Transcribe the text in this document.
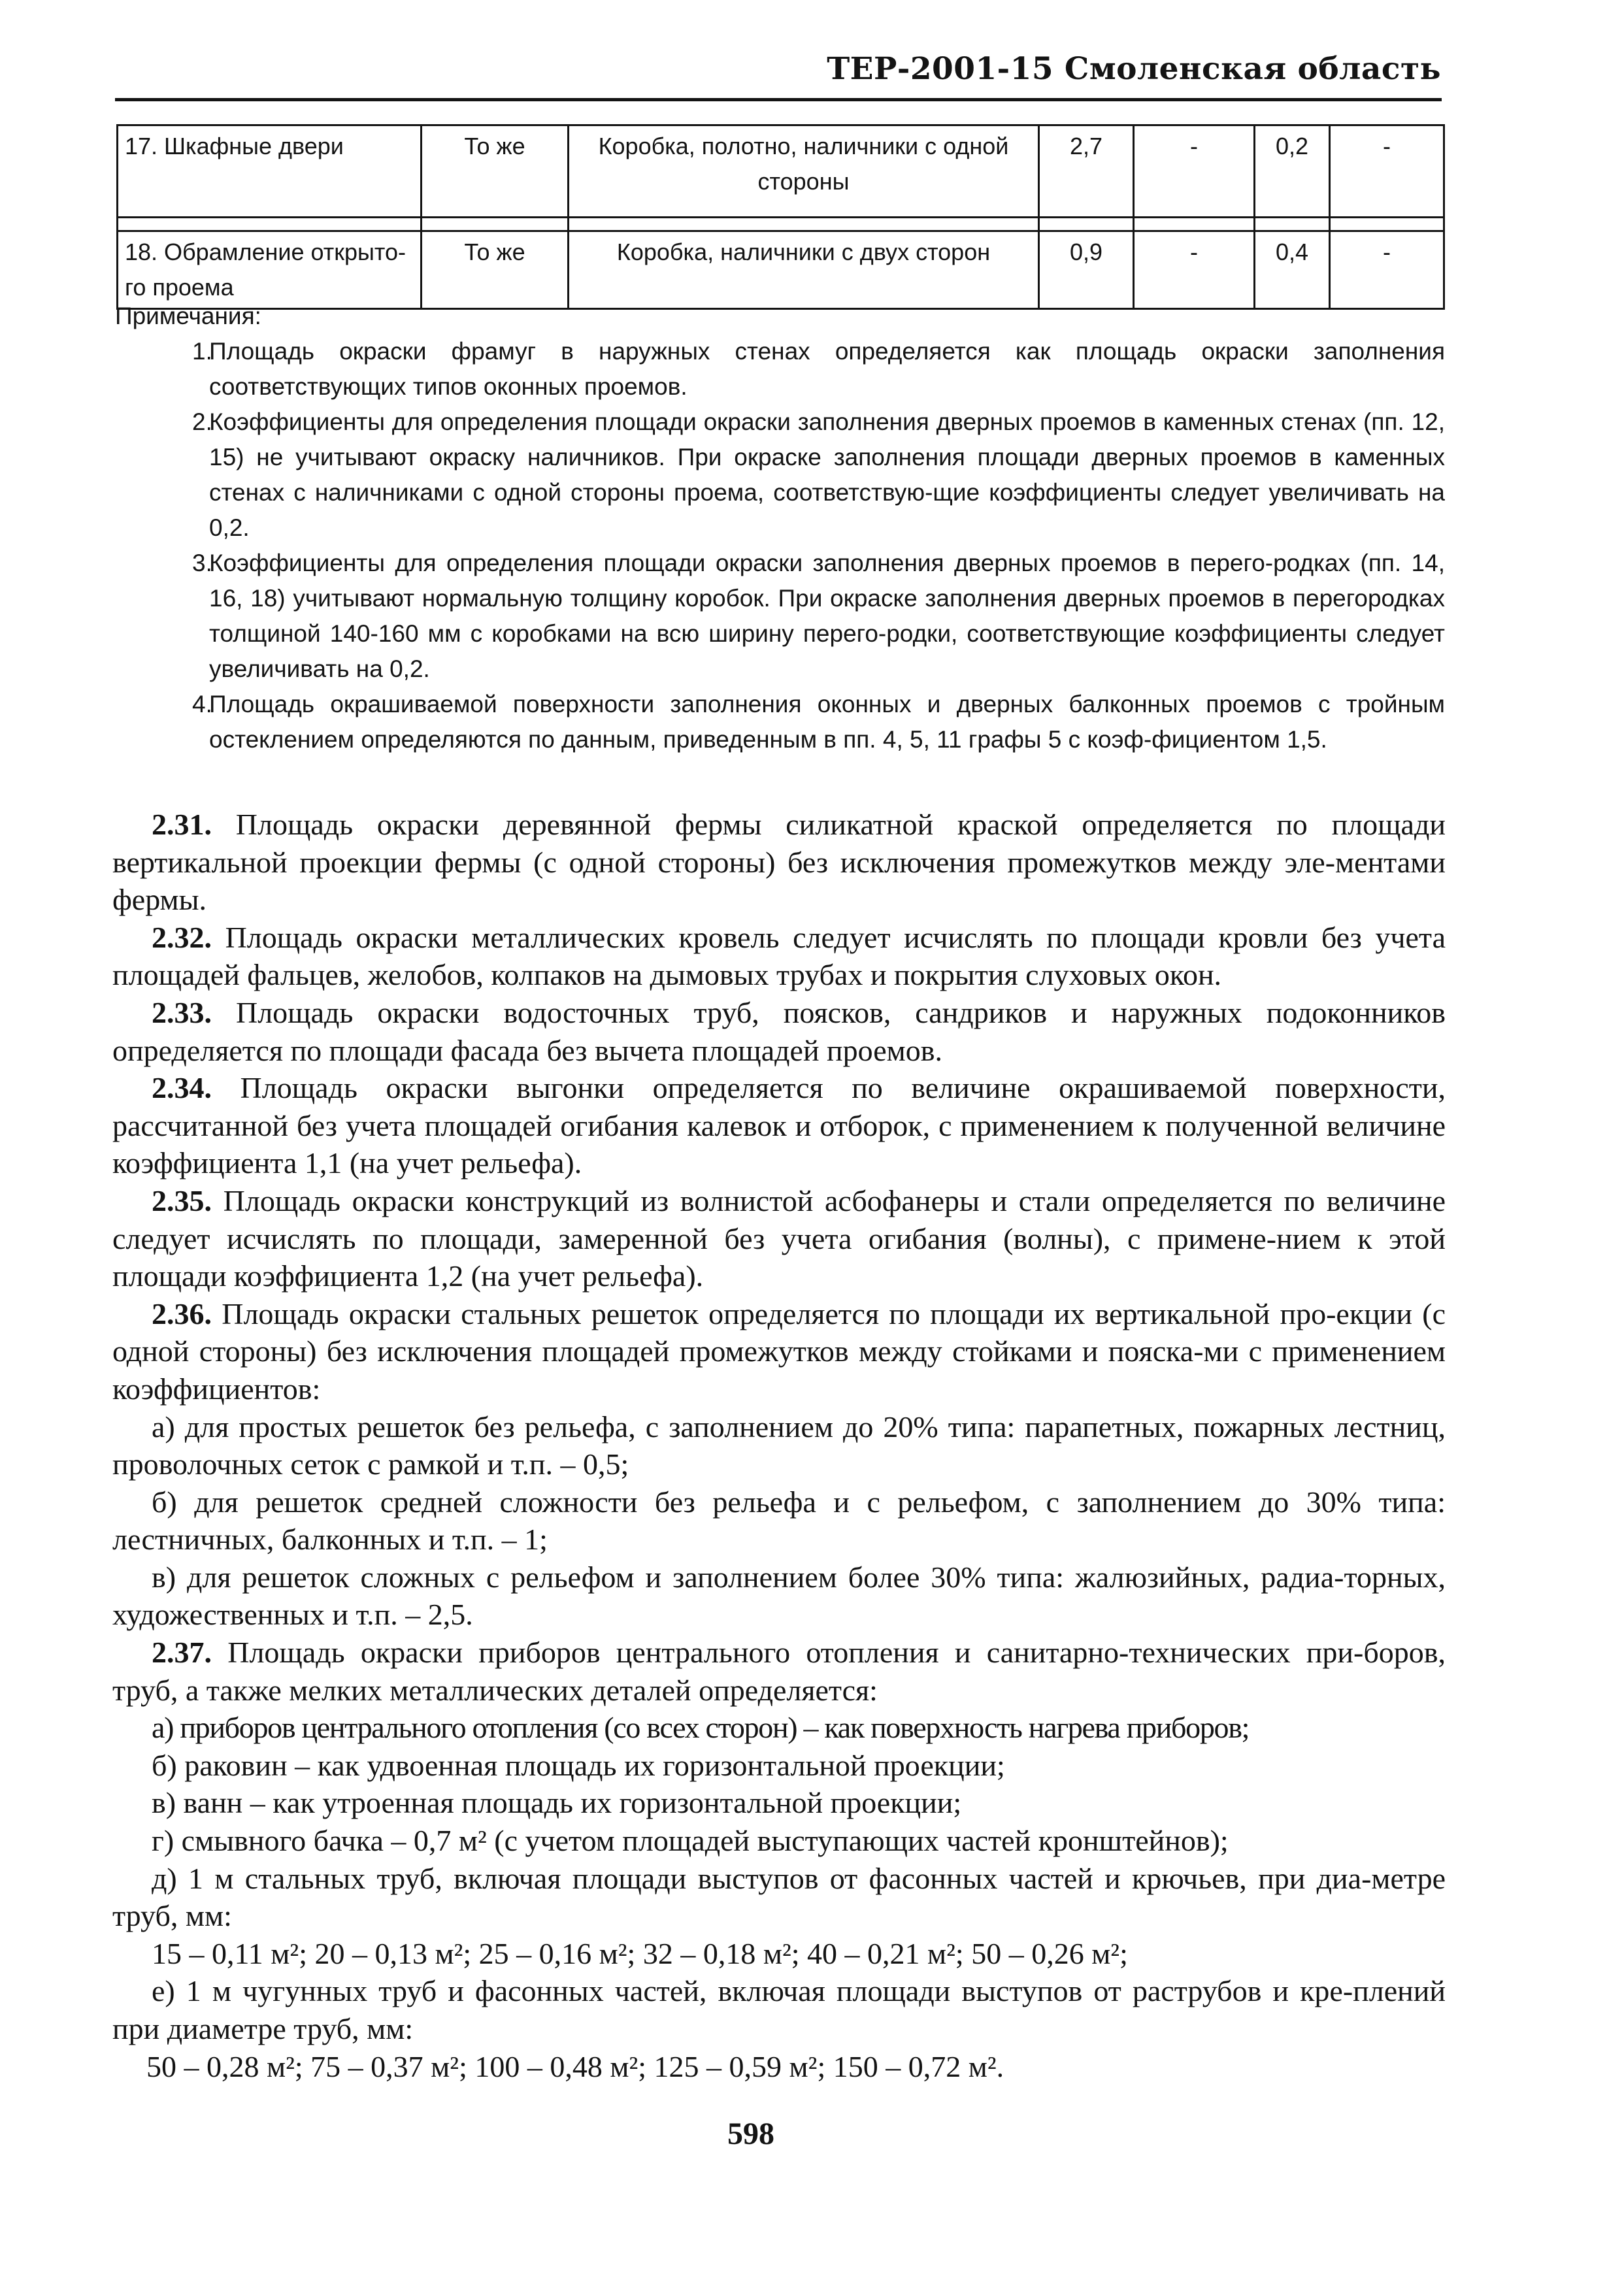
ТЕР-2001-15 Смоленская область
17. Шкафные двери	То же	Коробка, полотно, наличники с одной стороны	2,7	-	0,2	-

18. Обрамление открыто-го проема	То же	Коробка, наличники с двух сторон	0,9	-	0,4	-

Примечания:

1.
Площадь окраски фрамуг в наружных стенах определяется как площадь окраски заполнения соответствующих типов оконных проемов.

2.
Коэффициенты для определения площади окраски заполнения дверных проемов в каменных стенах (пп. 12, 15) не учитывают окраску наличников. При окраске заполнения площади дверных проемов в каменных стенах с наличниками с одной стороны проема, соответствую-щие коэффициенты следует увеличивать на 0,2.

3.
Коэффициенты для определения площади окраски заполнения дверных проемов в перего-родках (пп. 14, 16, 18) учитывают нормальную толщину коробок. При окраске заполнения дверных проемов в перегородках толщиной 140-160 мм с коробками на всю ширину перего-родки, соответствующие коэффициенты следует увеличивать на 0,2.

4.
Площадь окрашиваемой поверхности заполнения оконных и дверных балконных проемов с тройным остеклением определяются по данным, приведенным в пп. 4, 5, 11 графы 5 с коэф-фициентом 1,5.

2.31. Площадь окраски деревянной фермы силикатной краской определяется по площади вертикальной проекции фермы (с одной стороны) без исключения промежутков между эле-ментами фермы.

2.32. Площадь окраски металлических кровель следует исчислять по площади кровли без учета площадей фальцев, желобов, колпаков на дымовых трубах и покрытия слуховых окон.

2.33. Площадь окраски водосточных труб, поясков, сандриков и наружных подоконников определяется по площади фасада без вычета площадей проемов.

2.34. Площадь окраски выгонки определяется по величине окрашиваемой поверхности, рассчитанной без учета площадей огибания калевок и отборок, с применением к полученной величине коэффициента 1,1 (на учет рельефа).

2.35. Площадь окраски конструкций из волнистой асбофанеры и стали определяется по величине следует исчислять по площади, замеренной без учета огибания (волны), с примене-нием к этой площади коэффициента 1,2 (на учет рельефа).

2.36. Площадь окраски стальных решеток определяется по площади их вертикальной про-екции (с одной стороны) без исключения площадей промежутков между стойками и пояска-ми с применением коэффициентов:

а) для простых решеток без рельефа, с заполнением до 20% типа: парапетных, пожарных лестниц, проволочных сеток с рамкой и т.п. – 0,5;

б) для решеток средней сложности без рельефа и с рельефом, с заполнением до 30% типа: лестничных, балконных и т.п. – 1;

в) для решеток сложных с рельефом и заполнением более 30% типа: жалюзийных, радиа-торных, художественных и т.п. – 2,5.

2.37. Площадь окраски приборов центрального отопления и санитарно-технических при-боров, труб, а также мелких металлических деталей определяется:

а) приборов центрального отопления (со всех сторон) – как поверхность нагрева приборов;

б) раковин – как удвоенная площадь их горизонтальной проекции;

в) ванн – как утроенная площадь их горизонтальной проекции;

г) смывного бачка – 0,7 м² (с учетом площадей выступающих частей кронштейнов);

д) 1 м стальных труб, включая площади выступов от фасонных частей и крючьев, при диа-метре труб, мм:

15 – 0,11 м²; 20 – 0,13 м²; 25 – 0,16 м²; 32 – 0,18 м²; 40 – 0,21 м²; 50 – 0,26 м²;

е) 1 м чугунных труб и фасонных частей, включая площади выступов от раструбов и кре-плений при диаметре труб, мм:

50 – 0,28 м²; 75 – 0,37 м²; 100 – 0,48 м²; 125 – 0,59 м²; 150 – 0,72 м².

598
